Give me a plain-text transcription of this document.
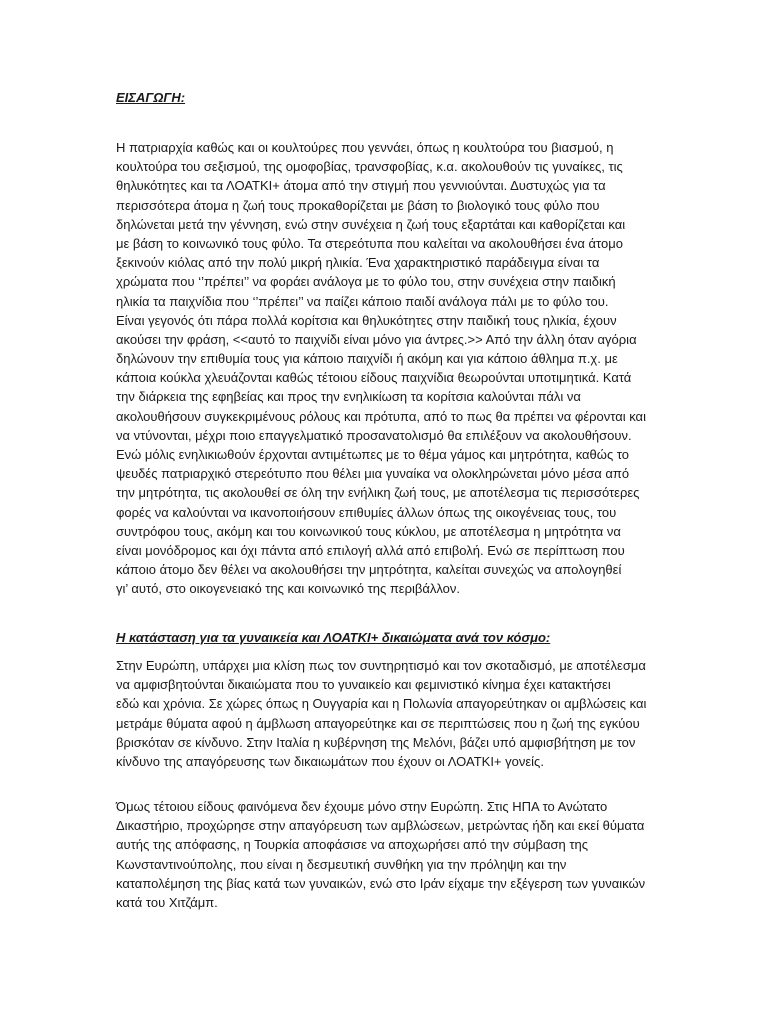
ΕΙΣΑΓΩΓΗ:
Η πατριαρχία καθώς και οι κουλτούρες που γεννάει, όπως η κουλτούρα του βιασμού, η
κουλτούρα του σεξισμού, της ομοφοβίας, τρανσφοβίας, κ.α. ακολουθούν τις γυναίκες, τις
θηλυκότητες και τα ΛΟΑΤΚΙ+ άτομα από την στιγμή που γεννιούνται. Δυστυχώς για τα
περισσότερα άτομα η ζωή τους προκαθορίζεται με βάση το βιολογικό τους φύλο που
δηλώνεται μετά την γέννηση, ενώ στην συνέχεια η ζωή τους εξαρτάται και καθορίζεται και
με βάση το κοινωνικό τους φύλο. Τα στερεότυπα που καλείται να ακολουθήσει ένα άτομο
ξεκινούν κιόλας από την πολύ μικρή ηλικία. Ένα χαρακτηριστικό παράδειγμα είναι τα
χρώματα που ‘’πρέπει’’ να φοράει ανάλογα με το φύλο του, στην συνέχεια στην παιδική
ηλικία τα παιχνίδια που ‘’πρέπει’’ να παίζει κάποιο παιδί ανάλογα πάλι με το φύλο του.
Είναι γεγονός ότι πάρα πολλά κορίτσια και θηλυκότητες στην παιδική τους ηλικία, έχουν
ακούσει την φράση, <<αυτό το παιχνίδι είναι μόνο για άντρες.>> Από την άλλη όταν αγόρια
δηλώνουν την επιθυμία τους για κάποιο παιχνίδι ή ακόμη και για κάποιο άθλημα π.χ. με
κάποια κούκλα χλευάζονται καθώς τέτοιου είδους παιχνίδια θεωρούνται υποτιμητικά. Κατά
την διάρκεια της εφηβείας και προς την ενηλικίωση τα κορίτσια καλούνται πάλι να
ακολουθήσουν συγκεκριμένους ρόλους και πρότυπα, από το πως θα πρέπει να φέρονται και
να ντύνονται, μέχρι ποιο επαγγελματικό προσανατολισμό θα επιλέξουν να ακολουθήσουν.
Ενώ μόλις ενηλικιωθούν έρχονται αντιμέτωπες με το θέμα γάμος και μητρότητα, καθώς το
ψευδές πατριαρχικό στερεότυπο που θέλει μια γυναίκα να ολοκληρώνεται μόνο μέσα από
την μητρότητα, τις ακολουθεί σε όλη την ενήλικη ζωή τους, με αποτέλεσμα τις περισσότερες
φορές να καλούνται να ικανοποιήσουν επιθυμίες άλλων όπως της οικογένειας τους, του
συντρόφου τους, ακόμη και του κοινωνικού τους κύκλου, με αποτέλεσμα η μητρότητα να
είναι μονόδρομος και όχι πάντα από επιλογή αλλά από επιβολή. Ενώ σε περίπτωση που
κάποιο άτομο δεν θέλει να ακολουθήσει την μητρότητα, καλείται συνεχώς να απολογηθεί
γι’ αυτό, στο οικογενειακό της και κοινωνικό της περιβάλλον.
Η κατάσταση για τα γυναικεία και ΛΟΑΤΚΙ+ δικαιώματα ανά τον κόσμο:
Στην Ευρώπη, υπάρχει μια κλίση πως τον συντηρητισμό και τον σκοταδισμό, με αποτέλεσμα
να αμφισβητούνται δικαιώματα που το γυναικείο και φεμινιστικό κίνημα έχει κατακτήσει
εδώ και χρόνια. Σε χώρες όπως η Ουγγαρία και η Πολωνία απαγορεύτηκαν οι αμβλώσεις και
μετράμε θύματα αφού η άμβλωση απαγορεύτηκε και σε περιπτώσεις που η ζωή της εγκύου
βρισκόταν σε κίνδυνο. Στην Ιταλία η κυβέρνηση της Μελόνι, βάζει υπό αμφισβήτηση με τον
κίνδυνο της απαγόρευσης των δικαιωμάτων που έχουν οι ΛΟΑΤΚΙ+ γονείς.
Όμως τέτοιου είδους φαινόμενα δεν έχουμε μόνο στην Ευρώπη. Στις ΗΠΑ το Ανώτατο
Δικαστήριο, προχώρησε στην απαγόρευση των αμβλώσεων, μετρώντας ήδη και εκεί θύματα
αυτής της απόφασης, η Τουρκία αποφάσισε να αποχωρήσει από την σύμβαση της
Κωνσταντινούπολης, που είναι η δεσμευτική συνθήκη για την πρόληψη και την
καταπολέμηση της βίας κατά των γυναικών, ενώ στο Ιράν είχαμε την εξέγερση των γυναικών
κατά του Χιτζάμπ.
